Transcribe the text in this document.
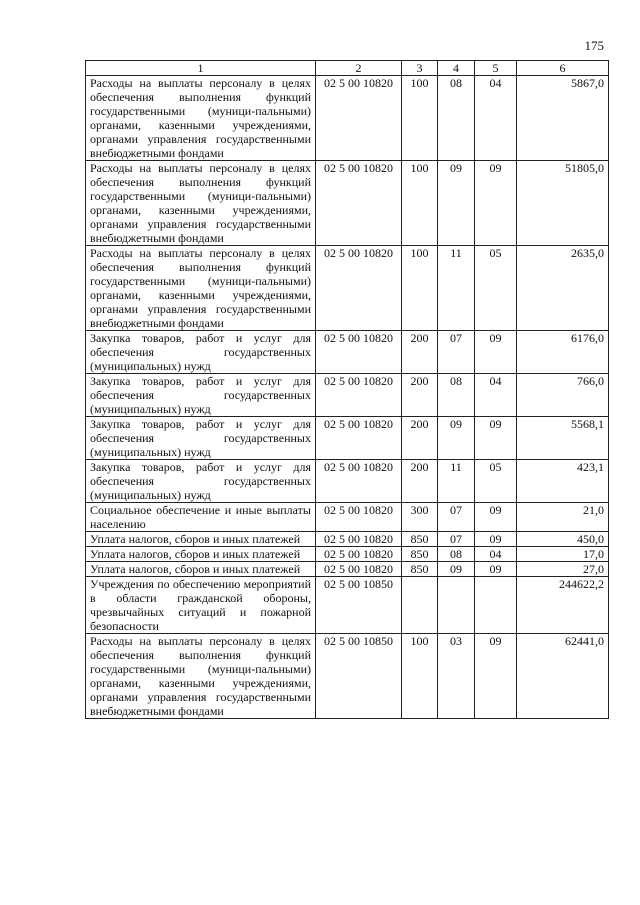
175
1	2	3	4	5	6
Расходы на выплаты персоналу в целях обеспечения выполнения функций государственными (муници-пальными) органами, казенными учреждениями, органами управления государственными внебюджетными фондами	02 5 00 10820	100	08	04	5867,0
Расходы на выплаты персоналу в целях обеспечения выполнения функций государственными (муници-пальными) органами, казенными учреждениями, органами управления государственными внебюджетными фондами	02 5 00 10820	100	09	09	51805,0
Расходы на выплаты персоналу в целях обеспечения выполнения функций государственными (муници-пальными) органами, казенными учреждениями, органами управления государственными внебюджетными фондами	02 5 00 10820	100	11	05	2635,0
Закупка товаров, работ и услуг для обеспечения государственных (муниципальных) нужд	02 5 00 10820	200	07	09	6176,0
Закупка товаров, работ и услуг для обеспечения государственных (муниципальных) нужд	02 5 00 10820	200	08	04	766,0
Закупка товаров, работ и услуг для обеспечения государственных (муниципальных) нужд	02 5 00 10820	200	09	09	5568,1
Закупка товаров, работ и услуг для обеспечения государственных (муниципальных) нужд	02 5 00 10820	200	11	05	423,1
Социальное обеспечение и иные выплаты населению	02 5 00 10820	300	07	09	21,0
Уплата налогов, сборов и иных платежей	02 5 00 10820	850	07	09	450,0
Уплата налогов, сборов и иных платежей	02 5 00 10820	850	08	04	17,0
Уплата налогов, сборов и иных платежей	02 5 00 10820	850	09	09	27,0
Учреждения по обеспечению мероприятий в области гражданской обороны, чрезвычайных ситуаций и пожарной безопасности	02 5 00 10850				244622,2
Расходы на выплаты персоналу в целях обеспечения выполнения функций государственными (муници-пальными) органами, казенными учреждениями, органами управления государственными внебюджетными фондами	02 5 00 10850	100	03	09	62441,0
